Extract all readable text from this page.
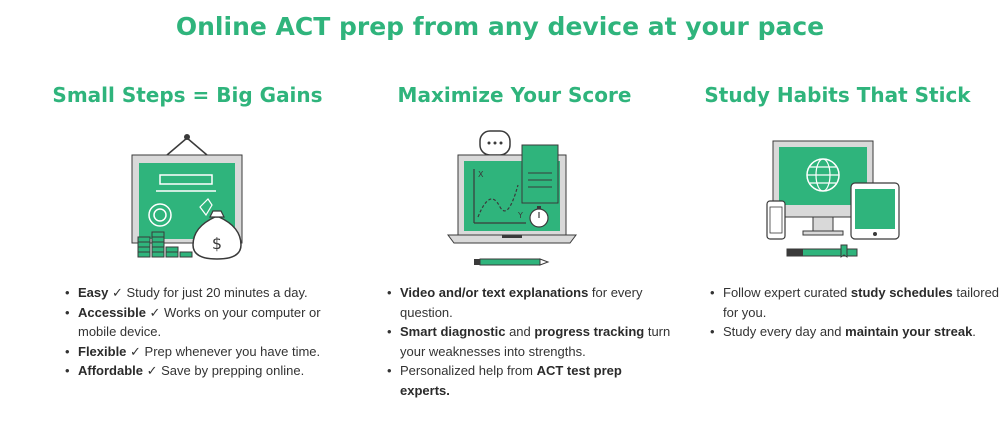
Online ACT prep from any device at your pace
Small Steps = Big Gains
$
• Easy ✓ Study for just 20 minutes a day.
• Accessible ✓ Works on your computer or mobile device.
• Flexible ✓ Prep whenever you have time.
• Affordable ✓ Save by prepping online.
Maximize Your Score
X
Y
• Video and/or text explanations for every question.
• Smart diagnostic and progress tracking turn your weaknesses into strengths.
• Personalized help from ACT test prep experts.
Study Habits That Stick
• Follow expert curated study schedules tailored for you.
• Study every day and maintain your streak.
